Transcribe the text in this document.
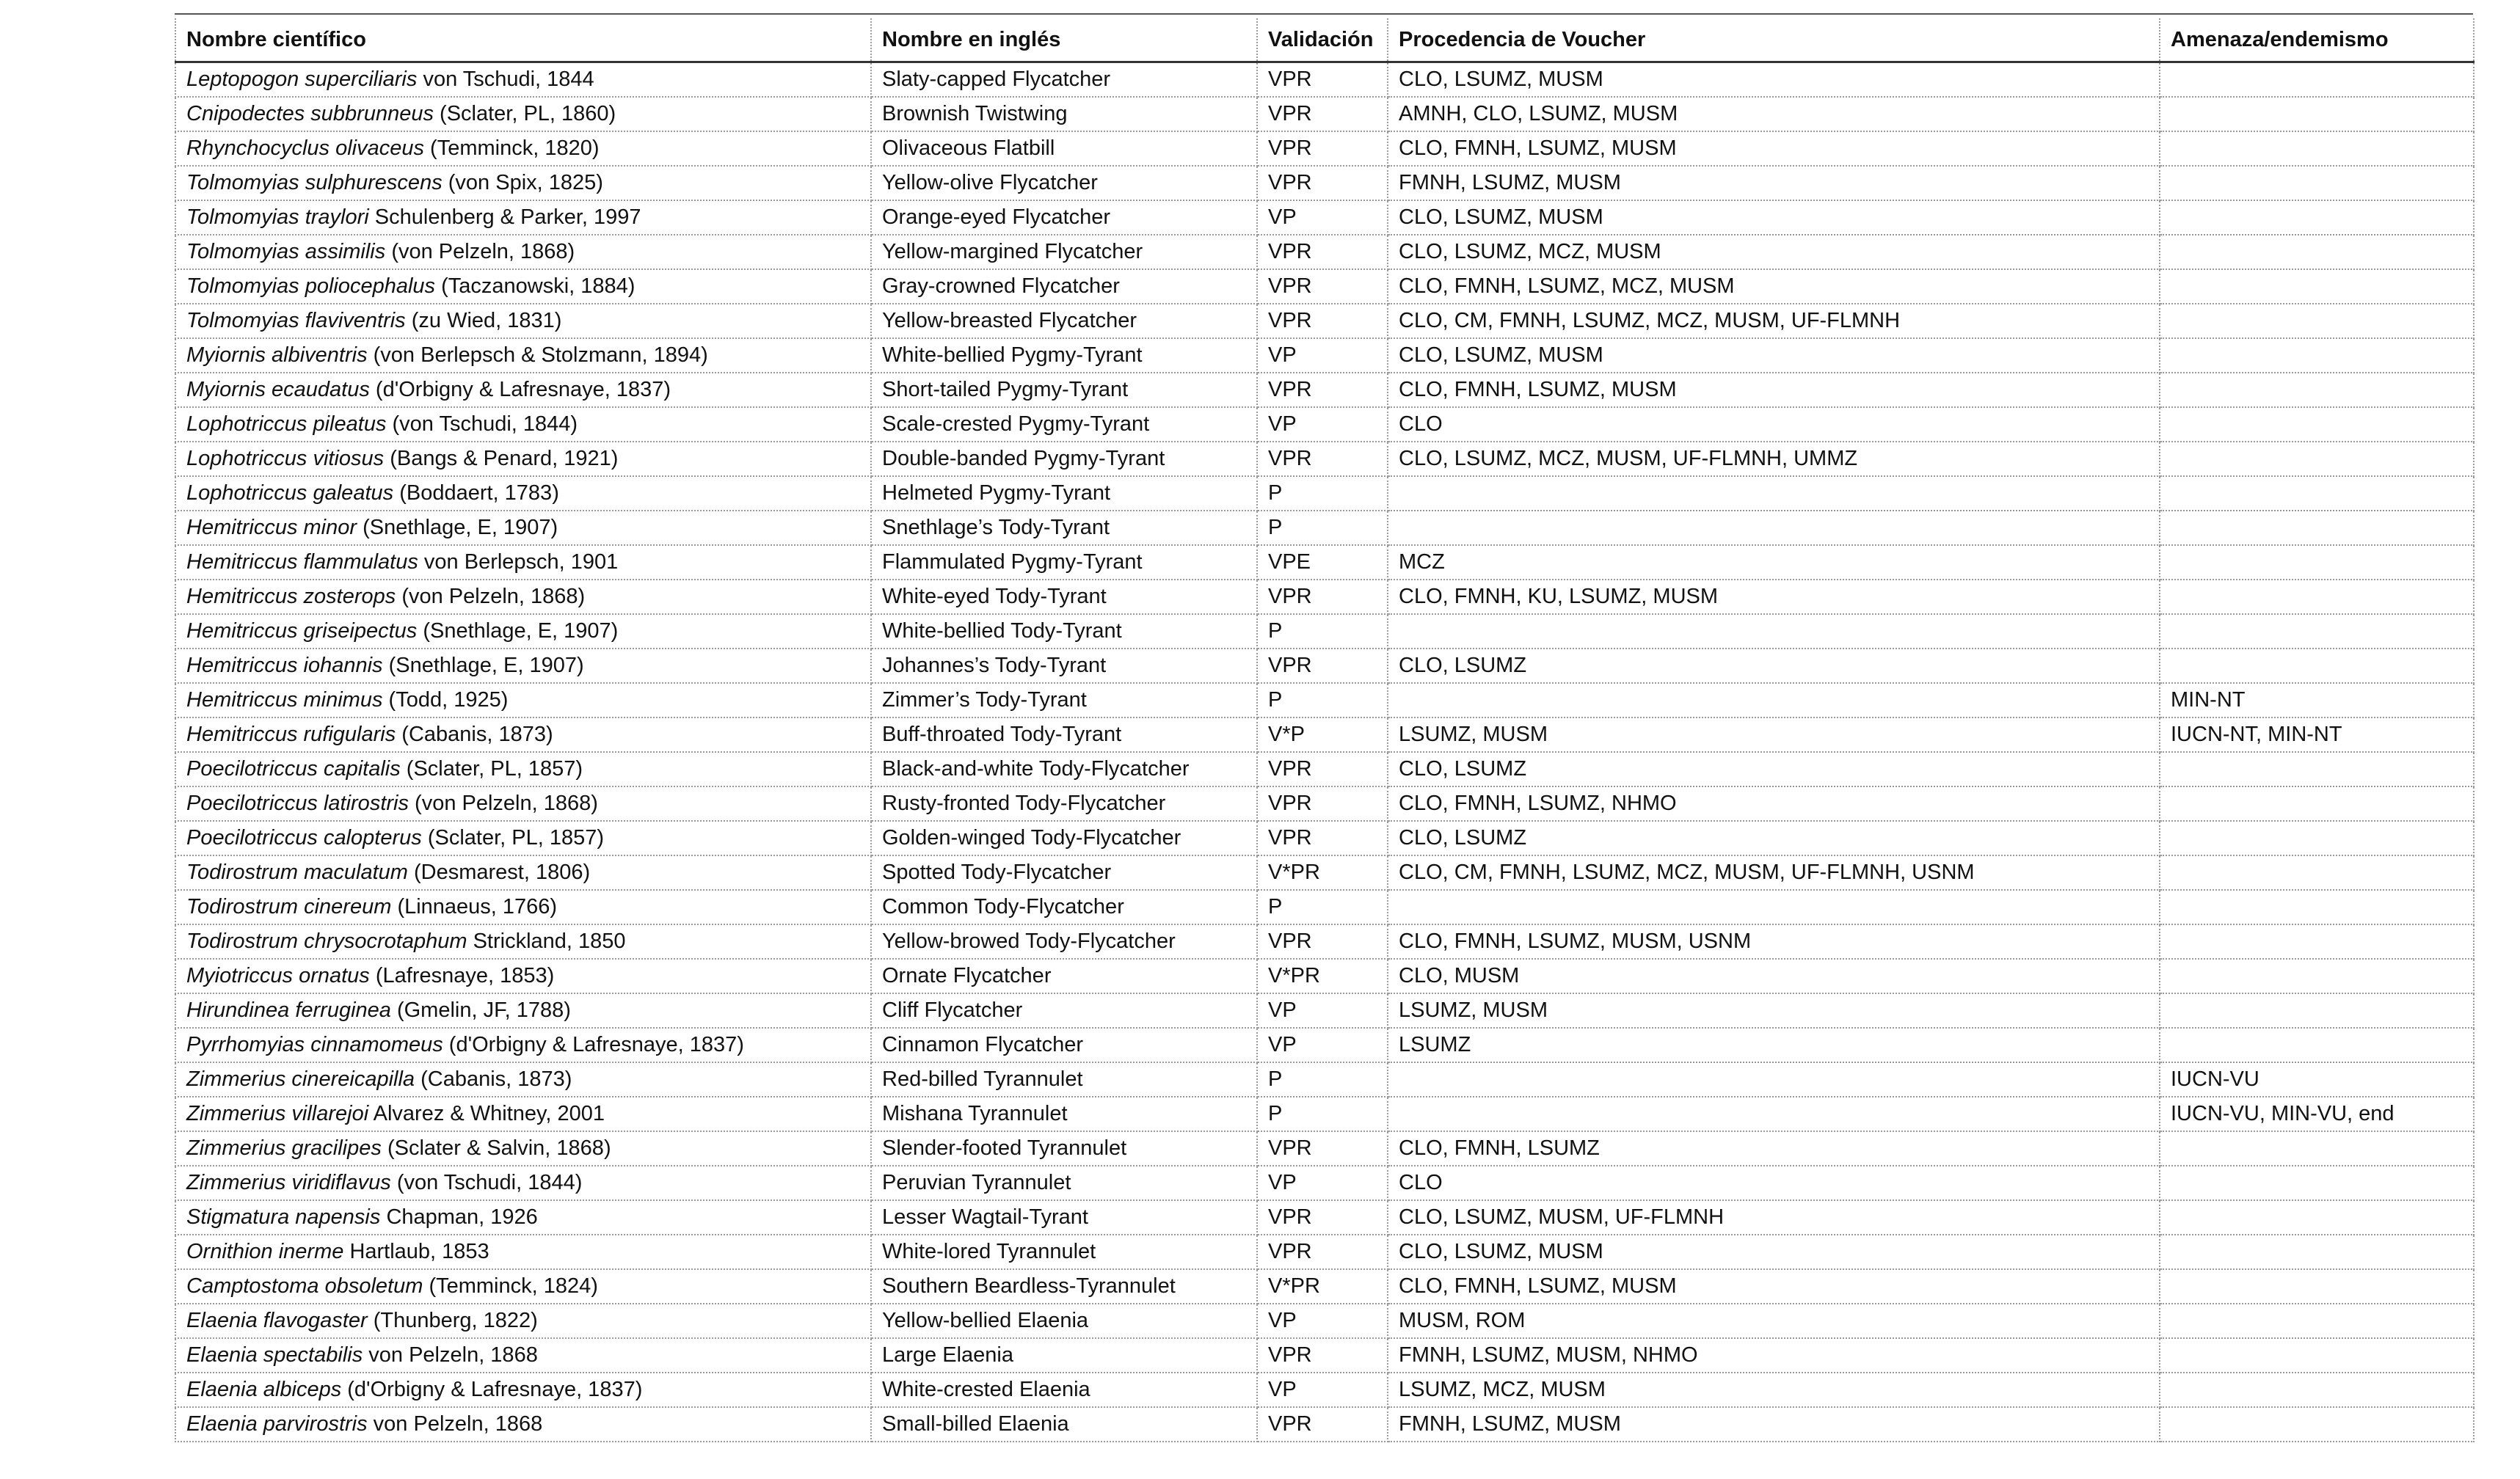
Nombre científico	Nombre en inglés	Validación	Procedencia de Voucher	Amenaza/endemismo
Leptopogon superciliaris von Tschudi, 1844	Slaty-capped Flycatcher	VPR	CLO, LSUMZ, MUSM	
Cnipodectes subbrunneus (Sclater, PL, 1860)	Brownish Twistwing	VPR	AMNH, CLO, LSUMZ, MUSM	
Rhynchocyclus olivaceus (Temminck, 1820)	Olivaceous Flatbill	VPR	CLO, FMNH, LSUMZ, MUSM	
Tolmomyias sulphurescens (von Spix, 1825)	Yellow-olive Flycatcher	VPR	FMNH, LSUMZ, MUSM	
Tolmomyias traylori Schulenberg & Parker, 1997	Orange-eyed Flycatcher	VP	CLO, LSUMZ, MUSM	
Tolmomyias assimilis (von Pelzeln, 1868)	Yellow-margined Flycatcher	VPR	CLO, LSUMZ, MCZ, MUSM	
Tolmomyias poliocephalus (Taczanowski, 1884)	Gray-crowned Flycatcher	VPR	CLO, FMNH, LSUMZ, MCZ, MUSM	
Tolmomyias flaviventris (zu Wied, 1831)	Yellow-breasted Flycatcher	VPR	CLO, CM, FMNH, LSUMZ, MCZ, MUSM, UF-FLMNH	
Myiornis albiventris (von Berlepsch & Stolzmann, 1894)	White-bellied Pygmy-Tyrant	VP	CLO, LSUMZ, MUSM	
Myiornis ecaudatus (d'Orbigny & Lafresnaye, 1837)	Short-tailed Pygmy-Tyrant	VPR	CLO, FMNH, LSUMZ, MUSM	
Lophotriccus pileatus (von Tschudi, 1844)	Scale-crested Pygmy-Tyrant	VP	CLO	
Lophotriccus vitiosus (Bangs & Penard, 1921)	Double-banded Pygmy-Tyrant	VPR	CLO, LSUMZ, MCZ, MUSM, UF-FLMNH, UMMZ	
Lophotriccus galeatus (Boddaert, 1783)	Helmeted Pygmy-Tyrant	P		
Hemitriccus minor (Snethlage, E, 1907)	Snethlage’s Tody-Tyrant	P		
Hemitriccus flammulatus von Berlepsch, 1901	Flammulated Pygmy-Tyrant	VPE	MCZ	
Hemitriccus zosterops (von Pelzeln, 1868)	White-eyed Tody-Tyrant	VPR	CLO, FMNH, KU, LSUMZ, MUSM	
Hemitriccus griseipectus (Snethlage, E, 1907)	White-bellied Tody-Tyrant	P		
Hemitriccus iohannis (Snethlage, E, 1907)	Johannes’s Tody-Tyrant	VPR	CLO, LSUMZ	
Hemitriccus minimus (Todd, 1925)	Zimmer’s Tody-Tyrant	P		MIN-NT
Hemitriccus rufigularis (Cabanis, 1873)	Buff-throated Tody-Tyrant	V*P	LSUMZ, MUSM	IUCN-NT, MIN-NT
Poecilotriccus capitalis (Sclater, PL, 1857)	Black-and-white Tody-Flycatcher	VPR	CLO, LSUMZ	
Poecilotriccus latirostris (von Pelzeln, 1868)	Rusty-fronted Tody-Flycatcher	VPR	CLO, FMNH, LSUMZ, NHMO	
Poecilotriccus calopterus (Sclater, PL, 1857)	Golden-winged Tody-Flycatcher	VPR	CLO, LSUMZ	
Todirostrum maculatum (Desmarest, 1806)	Spotted Tody-Flycatcher	V*PR	CLO, CM, FMNH, LSUMZ, MCZ, MUSM, UF-FLMNH, USNM	
Todirostrum cinereum (Linnaeus, 1766)	Common Tody-Flycatcher	P		
Todirostrum chrysocrotaphum Strickland, 1850	Yellow-browed Tody-Flycatcher	VPR	CLO, FMNH, LSUMZ, MUSM, USNM	
Myiotriccus ornatus (Lafresnaye, 1853)	Ornate Flycatcher	V*PR	CLO, MUSM	
Hirundinea ferruginea (Gmelin, JF, 1788)	Cliff Flycatcher	VP	LSUMZ, MUSM	
Pyrrhomyias cinnamomeus (d'Orbigny & Lafresnaye, 1837)	Cinnamon Flycatcher	VP	LSUMZ	
Zimmerius cinereicapilla (Cabanis, 1873)	Red-billed Tyrannulet	P		IUCN-VU
Zimmerius villarejoi Alvarez & Whitney, 2001	Mishana Tyrannulet	P		IUCN-VU, MIN-VU, end
Zimmerius gracilipes (Sclater & Salvin, 1868)	Slender-footed Tyrannulet	VPR	CLO, FMNH, LSUMZ	
Zimmerius viridiflavus (von Tschudi, 1844)	Peruvian Tyrannulet	VP	CLO	
Stigmatura napensis Chapman, 1926	Lesser Wagtail-Tyrant	VPR	CLO, LSUMZ, MUSM, UF-FLMNH	
Ornithion inerme Hartlaub, 1853	White-lored Tyrannulet	VPR	CLO, LSUMZ, MUSM	
Camptostoma obsoletum (Temminck, 1824)	Southern Beardless-Tyrannulet	V*PR	CLO, FMNH, LSUMZ, MUSM	
Elaenia flavogaster (Thunberg, 1822)	Yellow-bellied Elaenia	VP	MUSM, ROM	
Elaenia spectabilis von Pelzeln, 1868	Large Elaenia	VPR	FMNH, LSUMZ, MUSM, NHMO	
Elaenia albiceps (d'Orbigny & Lafresnaye, 1837)	White-crested Elaenia	VP	LSUMZ, MCZ, MUSM	
Elaenia parvirostris von Pelzeln, 1868	Small-billed Elaenia	VPR	FMNH, LSUMZ, MUSM	
